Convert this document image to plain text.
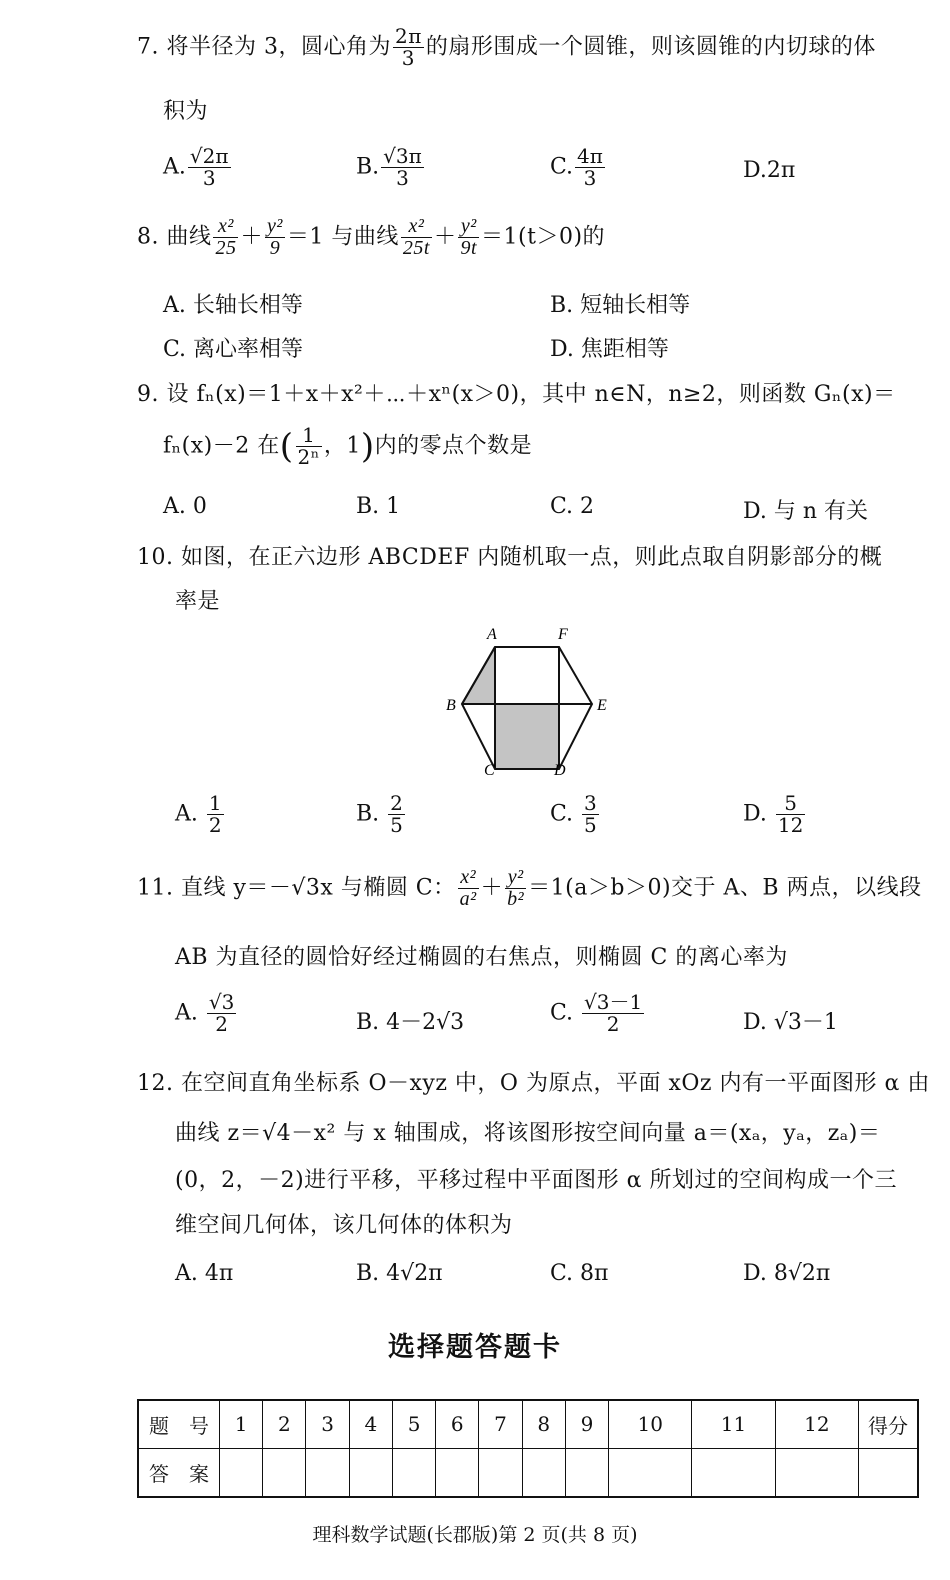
7. 将半径为 3，圆心角为 $\frac{2\pi}{3}$ 的扇形围成一个圆锥，则该圆锥的内切球的体
积为
A. $\frac{√2\pi}{3}$	B. $\frac{√3\pi}{3}$	C. $\frac{4\pi}{3}$	D.2π
8. 曲线 $\frac{\text{x²}}{25} + \frac{\text{y²}}{9} =1$ 与曲线 $\frac{\text{x²}}{25t} + \frac{\text{y²}}{9t} =1(t>0)$的
A. 长轴长相等	B. 短轴长相等
C. 离心率相等	D. 焦距相等
9. 设 fₙ(x)＝1＋x＋x²＋⋯＋xⁿ(x＞0)，其中 n∈N，n≥2，则函数 Gₙ(x)＝
fₙ(x)－2 在( $\frac{1}{\text{2ⁿ}}$ ，1)内的零点个数是
A. 0	B. 1	C. 2	D. 与 n 有关
10. 如图，在正六边形 ABCDEF 内随机取一点，则此点取自阴影部分的概
率是
A	F
B	E
C	D
A. $\frac{1}{2}$	B. $\frac{2}{5}$	C. $\frac{3}{5}$	D. $\frac{5}{12}$
11. 直线 y＝－√3x 与椭圆 C： $\frac{\text{x²}}{\text{a²}} + \frac{\text{y²}}{\text{b²}} =1(a>b>0)$交于 A、B 两点，以线段
AB 为直径的圆恰好经过椭圆的右焦点，则椭圆 C 的离心率为
A. $\frac{√3}{2}$	B. 4－2√3	C. $\frac{√3-1}{2}$	D. √3－1
12. 在空间直角坐标系 O－xyz 中，O 为原点，平面 xOz 内有一平面图形 α 由
曲线 z＝√4－x² 与 x 轴围成，将该图形按空间向量 a＝(xₐ，yₐ，zₐ)＝
(0，2，－2)进行平移，平移过程中平面图形 α 所划过的空间构成一个三
维空间几何体，该几何体的体积为
A. 4π	B. 4√2π	C. 8π	D. 8√2π
选择题答题卡
题　号	1	2	3	4	5	6	7	8	9	10	11	12	得分
答　案													
理科数学试题(长郡版)第 2 页(共 8 页)
